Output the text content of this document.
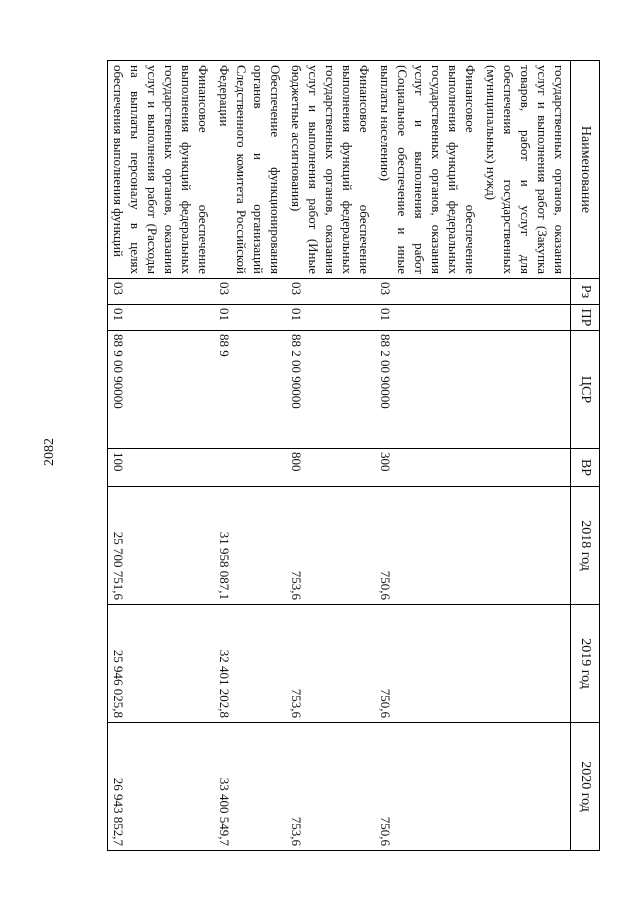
2082
Наименование	Рз	ПР	ЦСР	ВР	2018 год	2019 год	2020 год
государственных органов, оказания услуг и выполнения работ (Закупка товаров, работ и услуг для обеспечения государственных (муниципальных) нужд)							
Финансовое обеспечение выполнения функций федеральных государственных органов, оказания услуг и выполнения работ (Социальное обеспечение и иные выплаты населению)	03	01	88 2 00 90000	300	750,6	750,6	750,6
Финансовое обеспечение выполнения функций федеральных государственных органов, оказания услуг и выполнения работ (Иные бюджетные ассигнования)	03	01	88 2 00 90000	800	753,6	753,6	753,6
Обеспечение функционирования органов и организаций Следственного комитета Российской Федерации	03	01	88 9		31 958 087,1	32 401 202,8	33 400 549,7
Финансовое обеспечение выполнения функций федеральных государственных органов, оказания услуг и выполнения работ (Расходы на выплаты персоналу в целях обеспечения выполнения функций	03	01	88 9 00 90000	100	25 700 751,6	25 946 025,8	26 943 852,7
